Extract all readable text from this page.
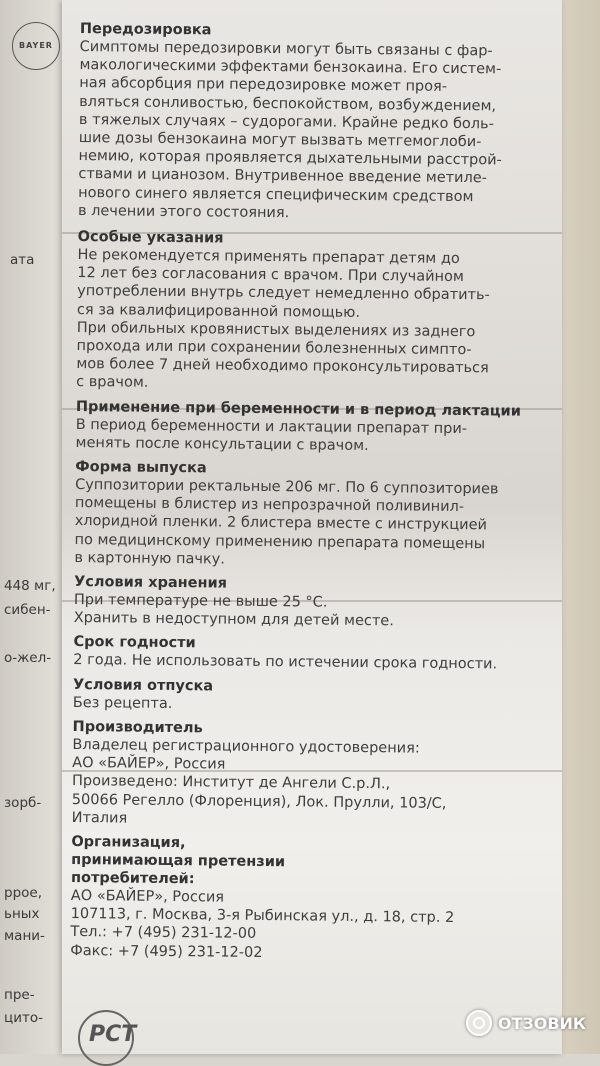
ата
448 мг,
сибен-
о-жел-
зорб-
ррое,
ьных
мани-
пре-
цито-
BAYER
Передозировка
Симптомы передозировки могут быть связаны с фар-
макологическими эффектами бензокаина. Его систем-
ная абсорбция при передозировке может проя-
вляться сонливостью, беспокойством, возбуждением,
в тяжелых случаях – судорогами. Крайне редко боль-
шие дозы бензокаина могут вызвать метгемоглоби-
немию, которая проявляется дыхательными расстрой-
ствами и цианозом. Внутривенное введение метиле-
нового синего является специфическим средством
в лечении этого состояния.
Особые указания
Не рекомендуется применять препарат детям до
12 лет без согласования с врачом. При случайном
употреблении внутрь следует немедленно обратить-
ся за квалифицированной помощью.
При обильных кровянистых выделениях из заднего
прохода или при сохранении болезненных симпто-
мов более 7 дней необходимо проконсультироваться
с врачом.
Применение при беременности и в период лактации
В период беременности и лактации препарат при-
менять после консультации с врачом.
Форма выпуска
Суппозитории ректальные 206 мг. По 6 суппозиториев
помещены в блистер из непрозрачной поливинил-
хлоридной пленки. 2 блистера вместе с инструкцией
по медицинскому применению препарата помещены
в картонную пачку.
Условия хранения
При температуре не выше 25 °C.
Хранить в недоступном для детей месте.
Срок годности
2 года. Не использовать по истечении срока годности.
Условия отпуска
Без рецепта.
Производитель
Владелец регистрационного удостоверения:
АО «БАЙЕР», Россия
Произведено: Институт де Ангели С.р.Л.,
50066 Регелло (Флоренция), Лок. Прулли, 103/С,
Италия
Организация, принимающая претензии потребителей:
АО «БАЙЕР», Россия
107113, г. Москва, 3-я Рыбинская ул., д. 18, стр. 2
Тел.: +7 (495) 231-12-00
Факс: +7 (495) 231-12-02
РСТ	ОТЗОВИК
